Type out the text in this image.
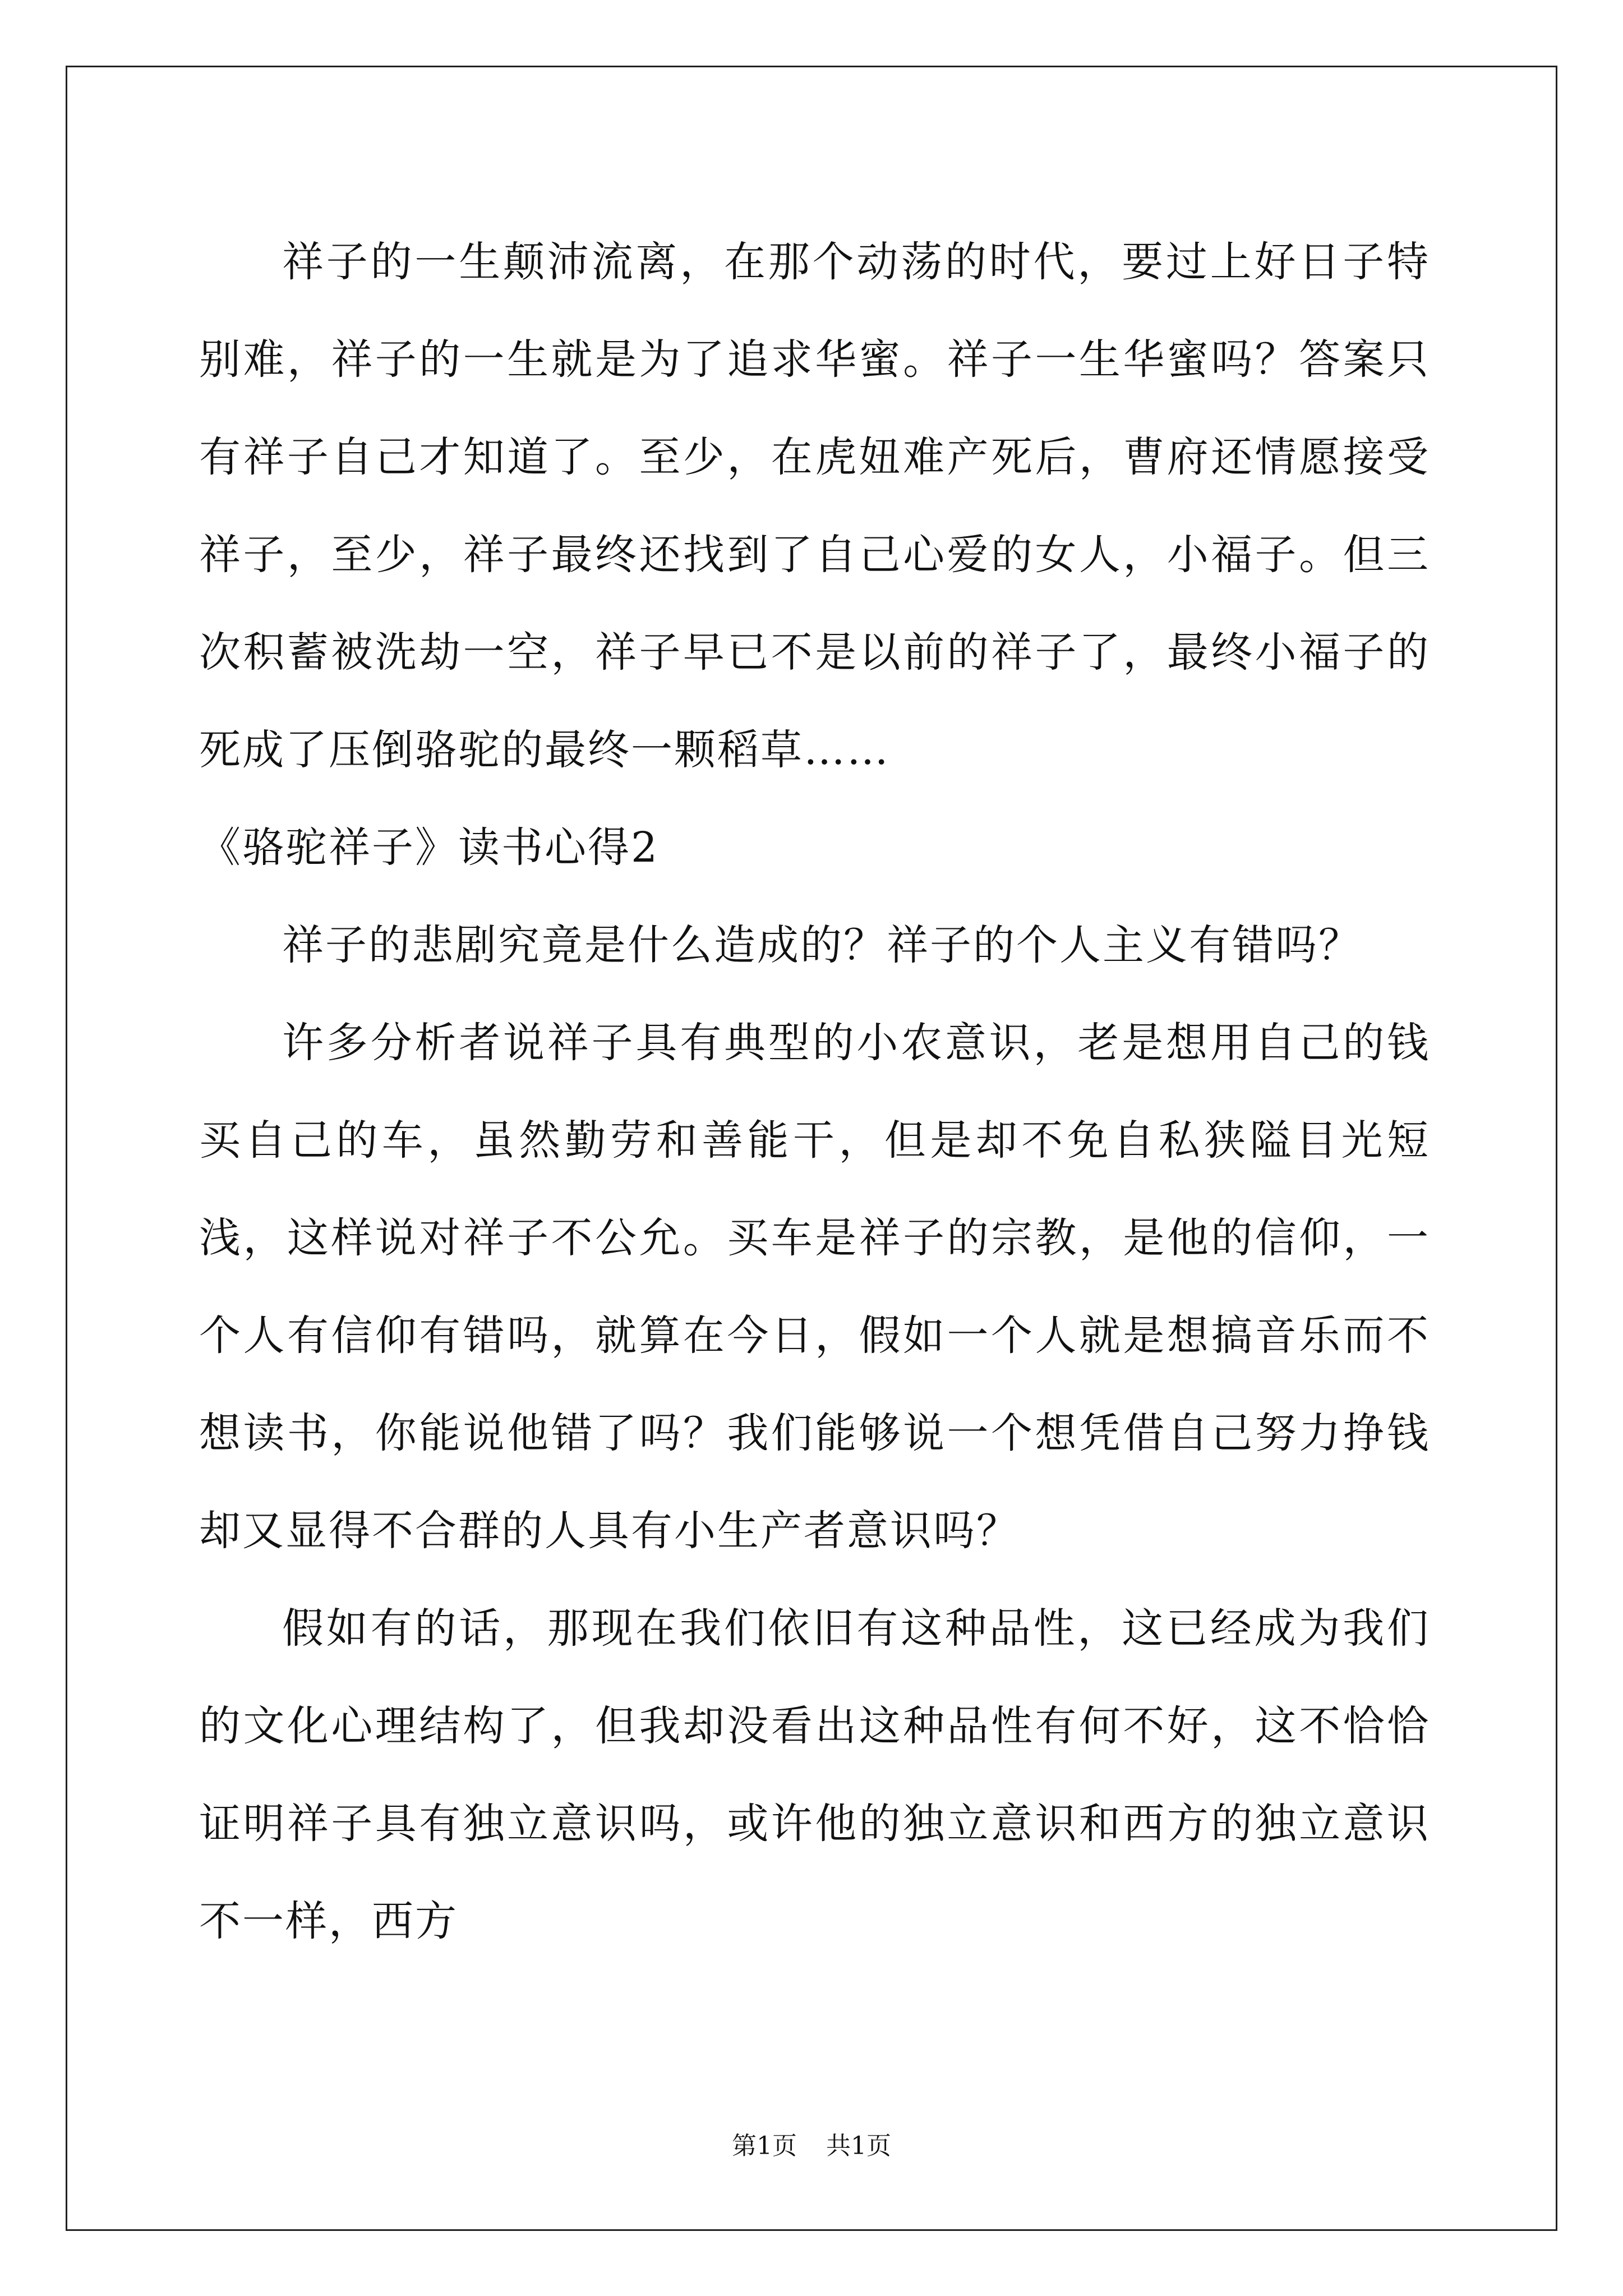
祥子的一生颠沛流离，在那个动荡的时代，要过上好日子特别难，祥子的一生就是为了追求华蜜。祥子一生华蜜吗？答案只有祥子自己才知道了。至少，在虎妞难产死后，曹府还情愿接受祥子，至少，祥子最终还找到了自己心爱的女人，小福子。但三次积蓄被洗劫一空，祥子早已不是以前的祥子了，最终小福子的死成了压倒骆驼的最终一颗稻草……

《骆驼祥子》读书心得2

祥子的悲剧究竟是什么造成的？祥子的个人主义有错吗？

许多分析者说祥子具有典型的小农意识，老是想用自己的钱买自己的车，虽然勤劳和善能干，但是却不免自私狭隘目光短浅，这样说对祥子不公允。买车是祥子的宗教，是他的信仰，一个人有信仰有错吗，就算在今日，假如一个人就是想搞音乐而不想读书，你能说他错了吗？我们能够说一个想凭借自己努力挣钱却又显得不合群的人具有小生产者意识吗？

假如有的话，那现在我们依旧有这种品性，这已经成为我们的文化心理结构了，但我却没看出这种品性有何不好，这不恰恰证明祥子具有独立意识吗，或许他的独立意识和西方的独立意识不一样，西方

第1页 共1页
